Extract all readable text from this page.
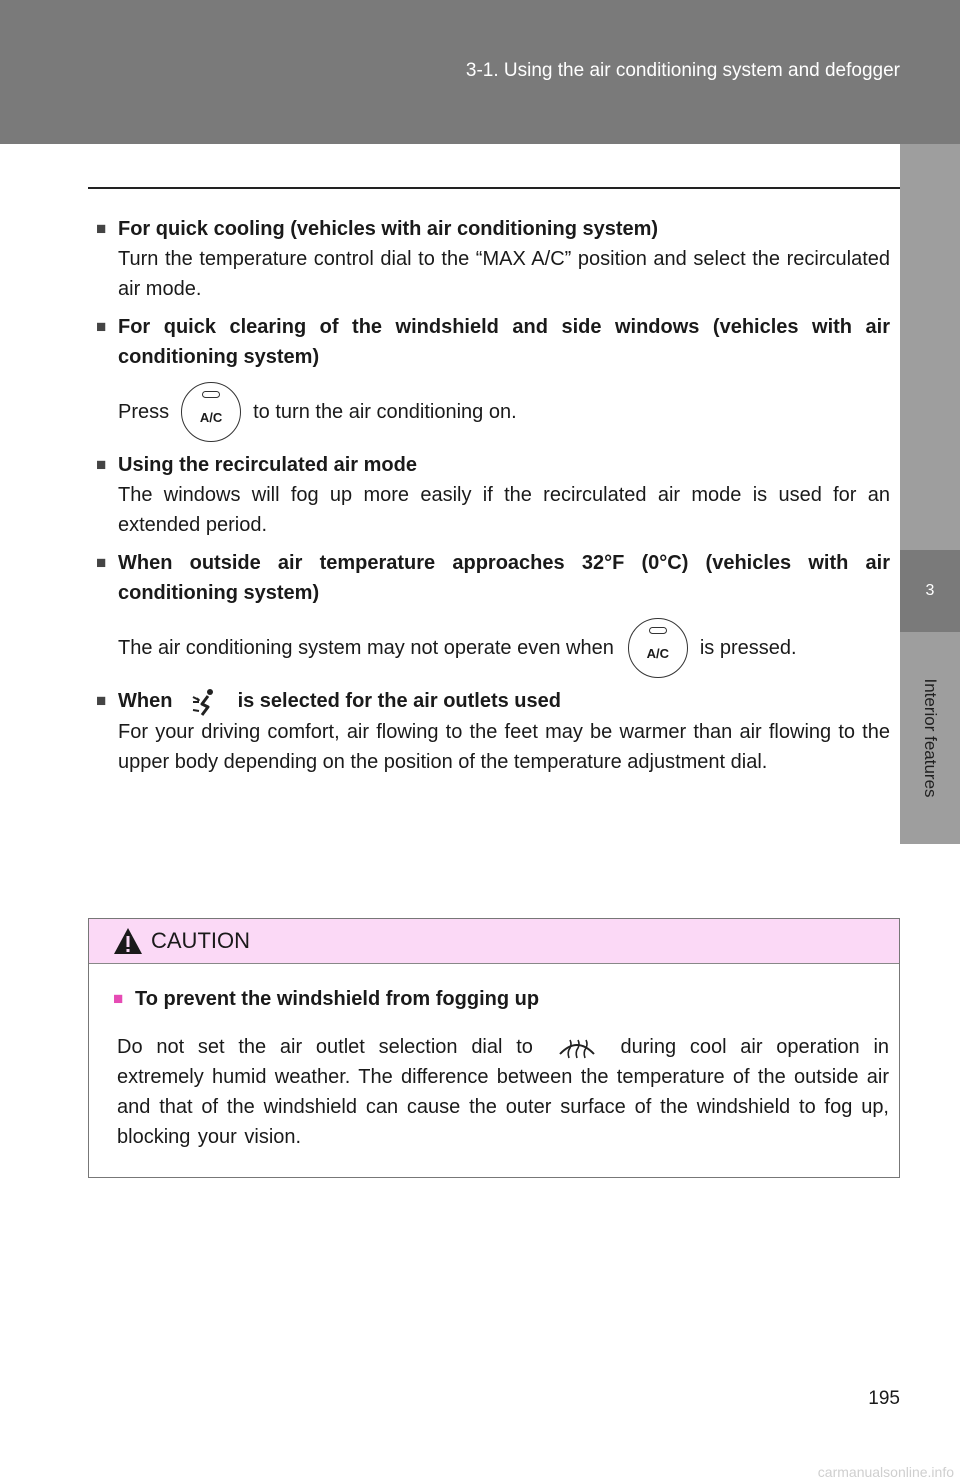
3-1. Using the air conditioning system and defogger
3
Interior features
■ For quick cooling (vehicles with air conditioning system)
Turn the temperature control dial to the “MAX A/C” position and select the recirculated air mode.
■ For quick clearing of the windshield and side windows (vehicles with air conditioning system)
Press	A/C	to turn the air conditioning on.
■ Using the recirculated air mode
The windows will fog up more easily if the recirculated air mode is used for an extended period.
■ When outside air temperature approaches 32°F (0°C) (vehicles with air conditioning system)
The air conditioning system may not operate even when	A/C	is pressed.
■ When	is selected for the air outlets used
For your driving comfort, air flowing to the feet may be warmer than air flowing to the upper body depending on the position of the temperature adjustment dial.
CAUTION
■ To prevent the windshield from fogging up
Do not set the air outlet selection dial to	during cool air operation in extremely humid weather. The difference between the temperature of the outside air and that of the windshield can cause the outer surface of the windshield to fog up, blocking your vision.
195
carmanualsonline.info
